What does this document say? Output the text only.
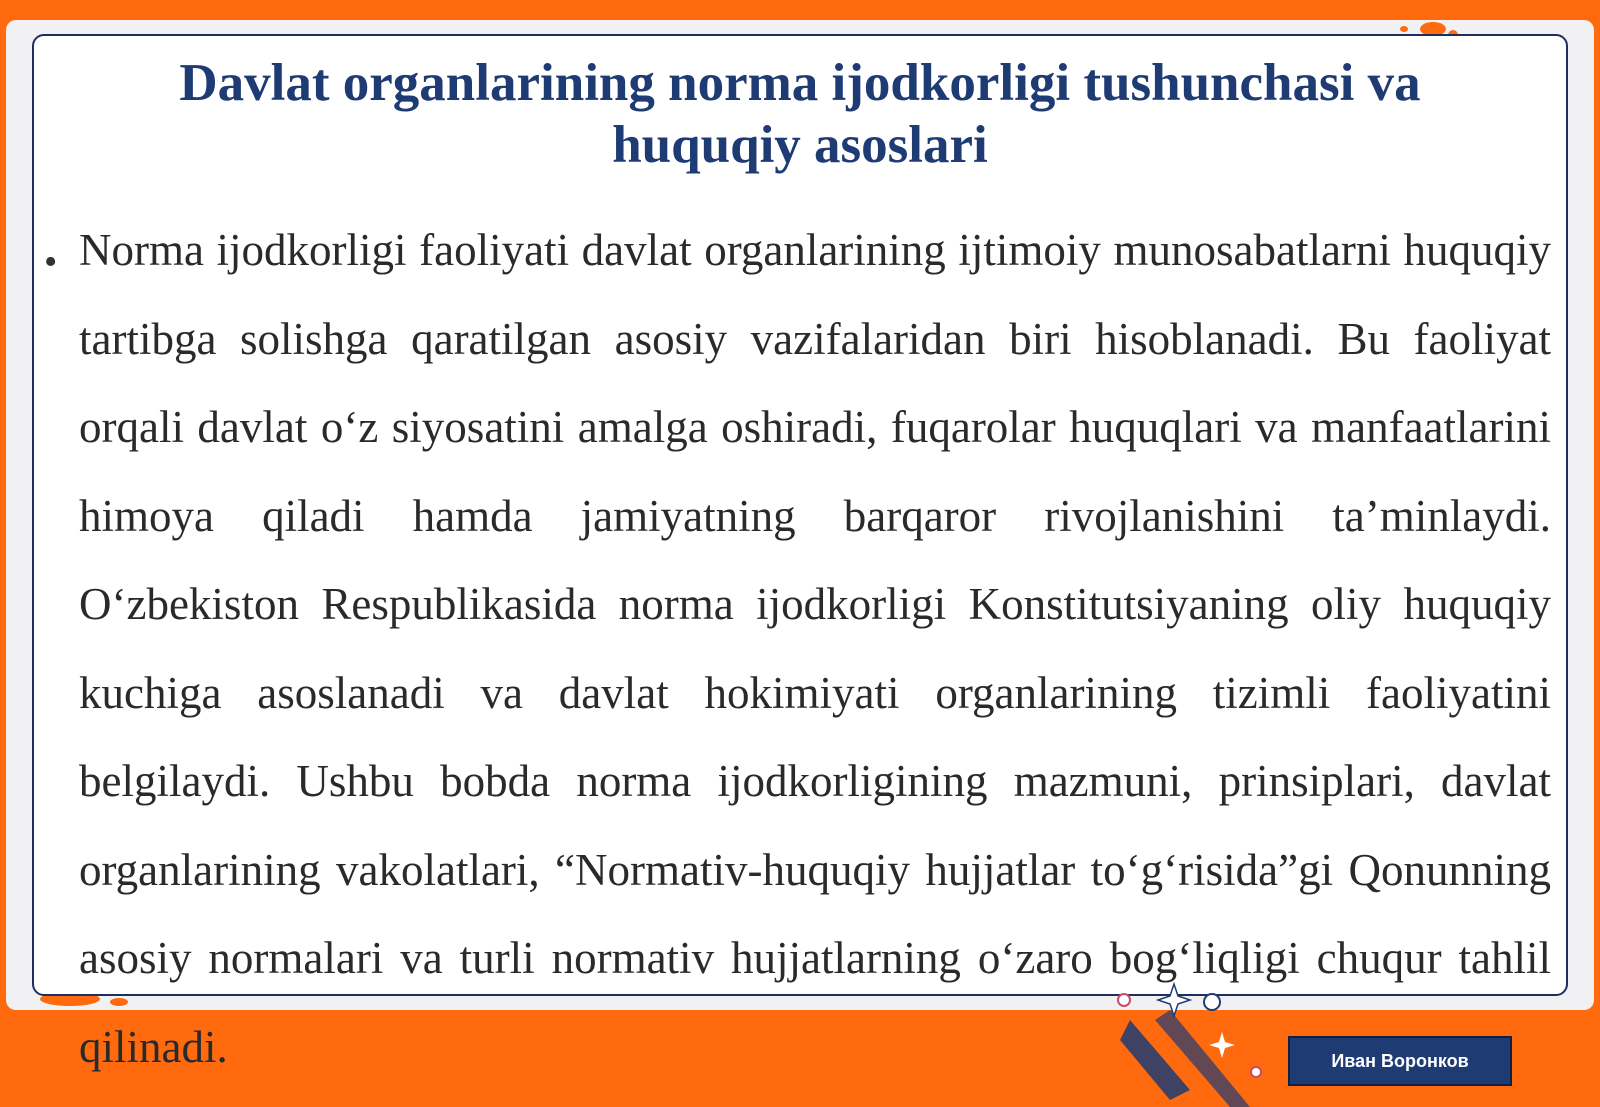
Davlat organlarining norma ijodkorligi tushunchasi va huquqiy asoslari
• Norma ijodkorligi faoliyati davlat organlarining ijtimoiy munosabatlarni huquqiy tartibga solishga qaratilgan asosiy vazifalaridan biri hisoblanadi. Bu faoliyat orqali davlat o‘z siyosatini amalga oshiradi, fuqarolar huquqlari va manfaatlarini himoya qiladi hamda jamiyatning barqaror rivojlanishini ta’minlaydi. O‘zbekiston Respublikasida norma ijodkorligi Konstitutsiyaning oliy huquqiy kuchiga asoslanadi va davlat hokimiyati organlarining tizimli faoliyatini belgilaydi. Ushbu bobda norma ijodkorligining mazmuni, prinsiplari, davlat organlarining vakolatlari, “Normativ-huquqiy hujjatlar to‘g‘risida”gi Qonunning asosiy normalari va turli normativ hujjatlarning o‘zaro bog‘liqligi chuqur tahlil qilinadi.	Иван Воронков
